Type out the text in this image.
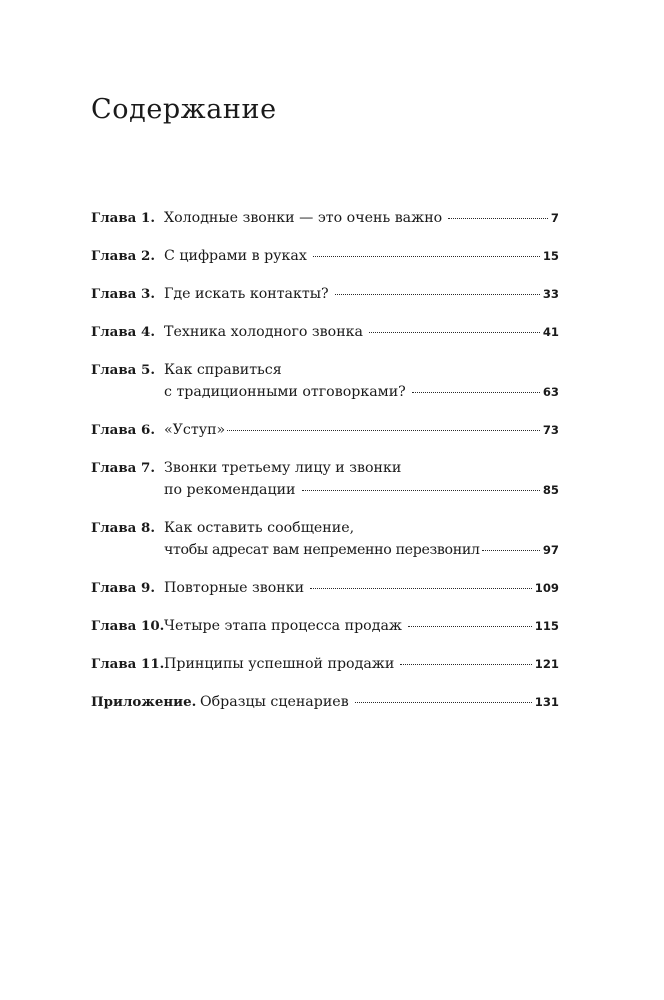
Содержание
Глава 1. Холодные звонки — это очень важно	7
Глава 2. С цифрами в руках	15
Глава 3. Где искать контакты?	33
Глава 4. Техника холодного звонка	41
Глава 5. Как справиться
с традиционными отговорками?	63
Глава 6. «Уступ»	73
Глава 7. Звонки третьему лицу и звонки
по рекомендации	85
Глава 8. Как оставить сообщение,
чтобы адресат вам непременно перезвонил	97
Глава 9. Повторные звонки	109
Глава 10. Четыре этапа процесса продаж	115
Глава 11. Принципы успешной продажи	121
Приложение. Образцы сценариев	131
